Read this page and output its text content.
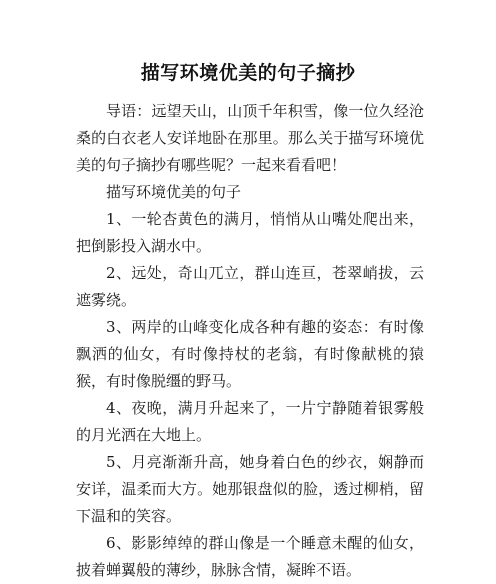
描写环境优美的句子摘抄

导语：远望天山，山顶千年积雪，像一位久经沧桑的白衣老人安详地卧在那里。那么关于描写环境优美的句子摘抄有哪些呢？一起来看看吧！

描写环境优美的句子

1、一轮杏黄色的满月，悄悄从山嘴处爬出来，把倒影投入湖水中。

2、远处，奇山兀立，群山连亘，苍翠峭拔，云遮雾绕。

3、两岸的山峰变化成各种有趣的姿态：有时像飘洒的仙女，有时像持杖的老翁，有时像献桃的猿猴，有时像脱缰的野马。

4、夜晚，满月升起来了，一片宁静随着银雾般的月光洒在大地上。

5、月亮渐渐升高，她身着白色的纱衣，娴静而安详，温柔而大方。她那银盘似的脸，透过柳梢，留下温和的笑容。

6、影影绰绰的群山像是一个睡意未醒的仙女，披着蝉翼般的薄纱，脉脉含情，凝眸不语。
